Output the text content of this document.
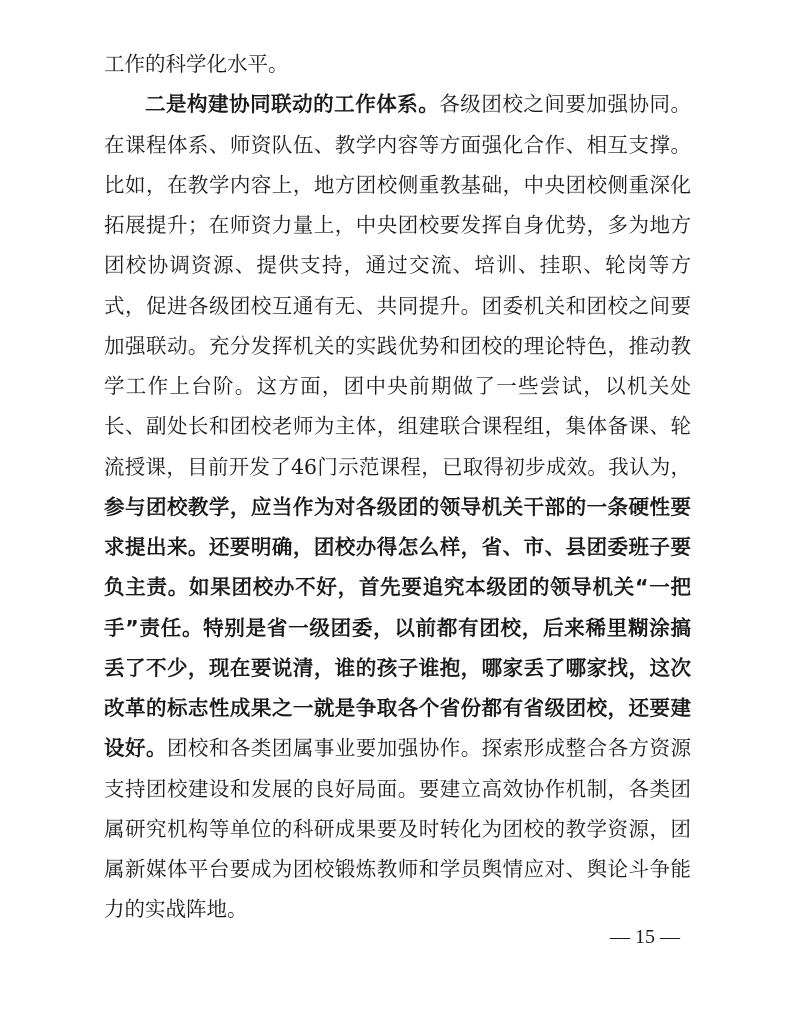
工作的科学化水平。
二是构建协同联动的工作体系。各级团校之间要加强协同。
在课程体系、师资队伍、教学内容等方面强化合作、相互支撑。
比如，在教学内容上，地方团校侧重教基础，中央团校侧重深化
拓展提升；在师资力量上，中央团校要发挥自身优势，多为地方
团校协调资源、提供支持，通过交流、培训、挂职、轮岗等方
式，促进各级团校互通有无、共同提升。团委机关和团校之间要
加强联动。充分发挥机关的实践优势和团校的理论特色，推动教
学工作上台阶。这方面，团中央前期做了一些尝试，以机关处
长、副处长和团校老师为主体，组建联合课程组，集体备课、轮
流授课，目前开发了46门示范课程，已取得初步成效。我认为，
参与团校教学，应当作为对各级团的领导机关干部的一条硬性要
求提出来。还要明确，团校办得怎么样，省、市、县团委班子要
负主责。如果团校办不好，首先要追究本级团的领导机关“一把
手”责任。特别是省一级团委，以前都有团校，后来稀里糊涂搞
丢了不少，现在要说清，谁的孩子谁抱，哪家丢了哪家找，这次
改革的标志性成果之一就是争取各个省份都有省级团校，还要建
设好。团校和各类团属事业要加强协作。探索形成整合各方资源
支持团校建设和发展的良好局面。要建立高效协作机制，各类团
属研究机构等单位的科研成果要及时转化为团校的教学资源，团
属新媒体平台要成为团校锻炼教师和学员舆情应对、舆论斗争能
力的实战阵地。
— 15 —
